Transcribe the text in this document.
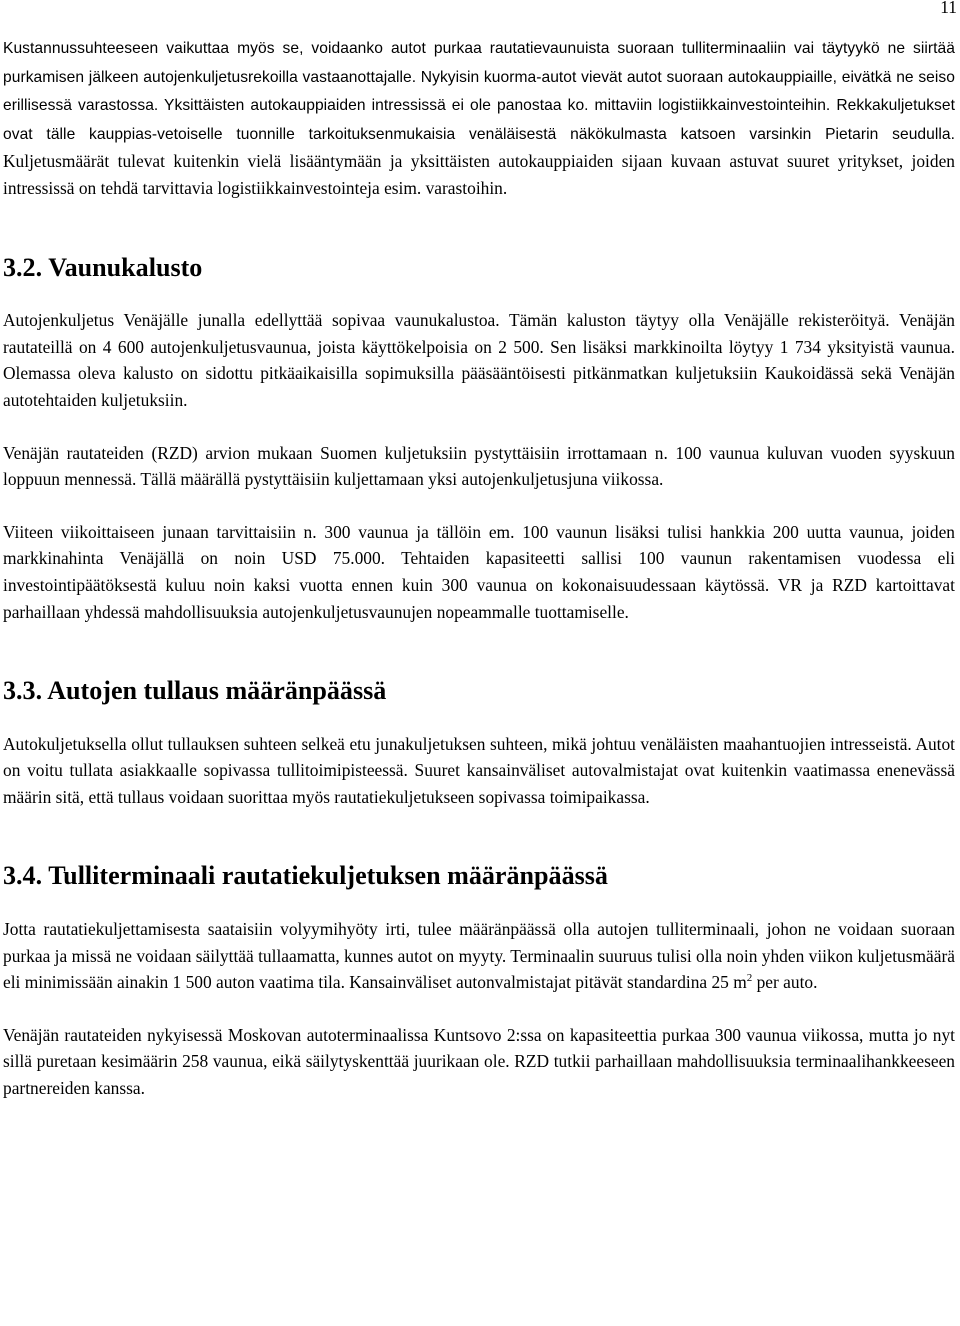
11

Kustannussuhteeseen vaikuttaa myös se, voidaanko autot purkaa rautatievaunuista suoraan tulliterminaaliin vai täytyykö ne siirtää purkamisen jälkeen autojenkuljetusrekoilla vastaanottajalle. Nykyisin kuorma-autot vievät autot suoraan autokauppiaille, eivätkä ne seiso erillisessä varastossa. Yksittäisten autokauppiaiden intressissä ei ole panostaa ko. mittaviin logistiikkainvestointeihin. Rekkakuljetukset ovat tälle kauppias-vetoiselle tuonnille tarkoituksenmukaisia venäläisestä näkökulmasta katsoen varsinkin Pietarin seudulla. Kuljetusmäärät tulevat kuitenkin vielä lisääntymään ja yksittäisten autokauppiaiden sijaan kuvaan astuvat suuret yritykset, joiden intressissä on tehdä tarvittavia logistiikkainvestointeja esim. varastoihin.

3.2. Vaunukalusto

Autojenkuljetus Venäjälle junalla edellyttää sopivaa vaunukalustoa. Tämän kaluston täytyy olla Venäjälle rekisteröityä. Venäjän rautateillä on 4 600 autojenkuljetusvaunua, joista käyttökelpoisia on 2 500. Sen lisäksi markkinoilta löytyy 1 734 yksityistä vaunua. Olemassa oleva kalusto on sidottu pitkäaikaisilla sopimuksilla pääsääntöisesti pitkänmatkan kuljetuksiin Kaukoidässä sekä Venäjän autotehtaiden kuljetuksiin.

Venäjän rautateiden (RZD) arvion mukaan Suomen kuljetuksiin pystyttäisiin irrottamaan n. 100 vaunua kuluvan vuoden syyskuun loppuun mennessä. Tällä määrällä pystyttäisiin kuljettamaan yksi autojenkuljetusjuna viikossa.

Viiteen viikoittaiseen junaan tarvittaisiin n. 300 vaunua ja tällöin em. 100 vaunun lisäksi tulisi hankkia 200 uutta vaunua, joiden markkinahinta Venäjällä on noin USD 75.000. Tehtaiden kapasiteetti sallisi 100 vaunun rakentamisen vuodessa eli investointipäätöksestä kuluu noin kaksi vuotta ennen kuin 300 vaunua on kokonaisuudessaan käytössä. VR ja RZD kartoittavat parhaillaan yhdessä mahdollisuuksia autojenkuljetusvaunujen nopeammalle tuottamiselle.

3.3. Autojen tullaus määränpäässä

Autokuljetuksella ollut tullauksen suhteen selkeä etu junakuljetuksen suhteen, mikä johtuu venäläisten maahantuojien intresseistä. Autot on voitu tullata asiakkaalle sopivassa tullitoimipisteessä. Suuret kansainväliset autovalmistajat ovat kuitenkin vaatimassa enenevässä määrin sitä, että tullaus voidaan suorittaa myös rautatiekuljetukseen sopivassa toimipaikassa.

3.4. Tulliterminaali rautatiekuljetuksen määränpäässä

Jotta rautatiekuljettamisesta saataisiin volyymihyöty irti, tulee määränpäässä olla autojen tulliterminaali, johon ne voidaan suoraan purkaa ja missä ne voidaan säilyttää tullaamatta, kunnes autot on myyty. Terminaalin suuruus tulisi olla noin yhden viikon kuljetusmäärä eli minimissään ainakin 1 500 auton vaatima tila. Kansainväliset autonvalmistajat pitävät standardina 25 $m^2$ per auto.

Venäjän rautateiden nykyisessä Moskovan autoterminaalissa Kuntsovo 2:ssa on kapasiteettia purkaa 300 vaunua viikossa, mutta jo nyt sillä puretaan kesimäärin 258 vaunua, eikä säilytyskenttää juurikaan ole. RZD tutkii parhaillaan mahdollisuuksia terminaalihankkeeseen partnereiden kanssa.
